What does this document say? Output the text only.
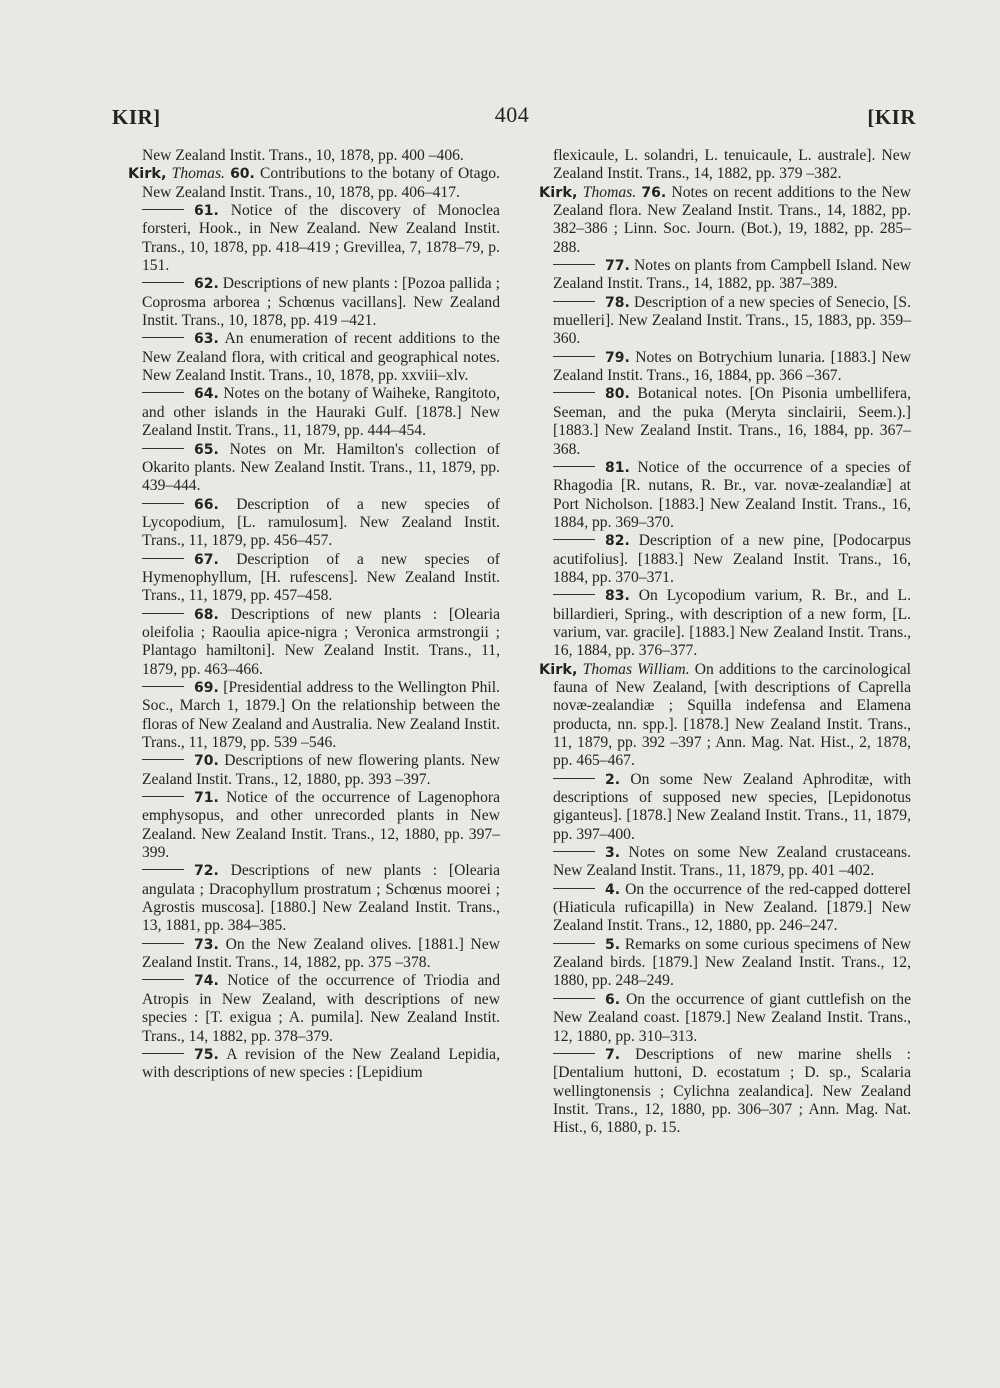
KIR]	404	[KIR

New Zealand Instit. Trans., 10, 1878, pp. 400 –406.

Kirk, Thomas. 60. Contributions to the botany of Otago. New Zealand Instit. Trans., 10, 1878, pp. 406–417.

61. Notice of the discovery of Monoclea forsteri, Hook., in New Zealand. New Zealand Instit. Trans., 10, 1878, pp. 418–419 ; Grevillea, 7, 1878–79, p. 151.

62. Descriptions of new plants : [Pozoa pallida ; Coprosma arborea ; Schœnus vacillans]. New Zealand Instit. Trans., 10, 1878, pp. 419 –421.

63. An enumeration of recent additions to the New Zealand flora, with critical and geographical notes. New Zealand Instit. Trans., 10, 1878, pp. xxviii–xlv.

64. Notes on the botany of Waiheke, Rangitoto, and other islands in the Hauraki Gulf. [1878.] New Zealand Instit. Trans., 11, 1879, pp. 444–454.

65. Notes on Mr. Hamilton's collection of Okarito plants. New Zealand Instit. Trans., 11, 1879, pp. 439–444.

66. Description of a new species of Lycopodium, [L. ramulosum]. New Zealand Instit. Trans., 11, 1879, pp. 456–457.

67. Description of a new species of Hymenophyllum, [H. rufescens]. New Zealand Instit. Trans., 11, 1879, pp. 457–458.

68. Descriptions of new plants : [Olearia oleifolia ; Raoulia apice-nigra ; Veronica armstrongii ; Plantago hamiltoni]. New Zealand Instit. Trans., 11, 1879, pp. 463–466.

69. [Presidential address to the Wellington Phil. Soc., March 1, 1879.] On the relationship between the floras of New Zealand and Australia. New Zealand Instit. Trans., 11, 1879, pp. 539 –546.

70. Descriptions of new flowering plants. New Zealand Instit. Trans., 12, 1880, pp. 393 –397.

71. Notice of the occurrence of Lagenophora emphysopus, and other unrecorded plants in New Zealand. New Zealand Instit. Trans., 12, 1880, pp. 397–399.

72. Descriptions of new plants : [Olearia angulata ; Dracophyllum prostratum ; Schœnus moorei ; Agrostis muscosa]. [1880.] New Zealand Instit. Trans., 13, 1881, pp. 384–385.

73. On the New Zealand olives. [1881.] New Zealand Instit. Trans., 14, 1882, pp. 375 –378.

74. Notice of the occurrence of Triodia and Atropis in New Zealand, with descriptions of new species : [T. exigua ; A. pumila]. New Zealand Instit. Trans., 14, 1882, pp. 378–379.

75. A revision of the New Zealand Lepidia, with descriptions of new species : [Lepidium

flexicaule, L. solandri, L. tenuicaule, L. australe]. New Zealand Instit. Trans., 14, 1882, pp. 379 –382.

Kirk, Thomas. 76. Notes on recent additions to the New Zealand flora. New Zealand Instit. Trans., 14, 1882, pp. 382–386 ; Linn. Soc. Journ. (Bot.), 19, 1882, pp. 285–288.

77. Notes on plants from Campbell Island. New Zealand Instit. Trans., 14, 1882, pp. 387–389.

78. Description of a new species of Senecio, [S. muelleri]. New Zealand Instit. Trans., 15, 1883, pp. 359–360.

79. Notes on Botrychium lunaria. [1883.] New Zealand Instit. Trans., 16, 1884, pp. 366 –367.

80. Botanical notes. [On Pisonia umbellifera, Seeman, and the puka (Meryta sinclairii, Seem.).] [1883.] New Zealand Instit. Trans., 16, 1884, pp. 367–368.

81. Notice of the occurrence of a species of Rhagodia [R. nutans, R. Br., var. novæ-zealandiæ] at Port Nicholson. [1883.] New Zealand Instit. Trans., 16, 1884, pp. 369–370.

82. Description of a new pine, [Podocarpus acutifolius]. [1883.] New Zealand Instit. Trans., 16, 1884, pp. 370–371.

83. On Lycopodium varium, R. Br., and L. billardieri, Spring., with description of a new form, [L. varium, var. gracile]. [1883.] New Zealand Instit. Trans., 16, 1884, pp. 376–377.

Kirk, Thomas William. On additions to the carcinological fauna of New Zealand, [with descriptions of Caprella novæ-zealandiæ ; Squilla indefensa and Elamena producta, nn. spp.]. [1878.] New Zealand Instit. Trans., 11, 1879, pp. 392 –397 ; Ann. Mag. Nat. Hist., 2, 1878, pp. 465–467.

2. On some New Zealand Aphroditæ, with descriptions of supposed new species, [Lepidonotus giganteus]. [1878.] New Zealand Instit. Trans., 11, 1879, pp. 397–400.

3. Notes on some New Zealand crustaceans. New Zealand Instit. Trans., 11, 1879, pp. 401 –402.

4. On the occurrence of the red-capped dotterel (Hiaticula ruficapilla) in New Zealand. [1879.] New Zealand Instit. Trans., 12, 1880, pp. 246–247.

5. Remarks on some curious specimens of New Zealand birds. [1879.] New Zealand Instit. Trans., 12, 1880, pp. 248–249.

6. On the occurrence of giant cuttlefish on the New Zealand coast. [1879.] New Zealand Instit. Trans., 12, 1880, pp. 310–313.

7. Descriptions of new marine shells : [Dentalium huttoni, D. ecostatum ; D. sp., Scalaria wellingtonensis ; Cylichna zealandica]. New Zealand Instit. Trans., 12, 1880, pp. 306–307 ; Ann. Mag. Nat. Hist., 6, 1880, p. 15.
